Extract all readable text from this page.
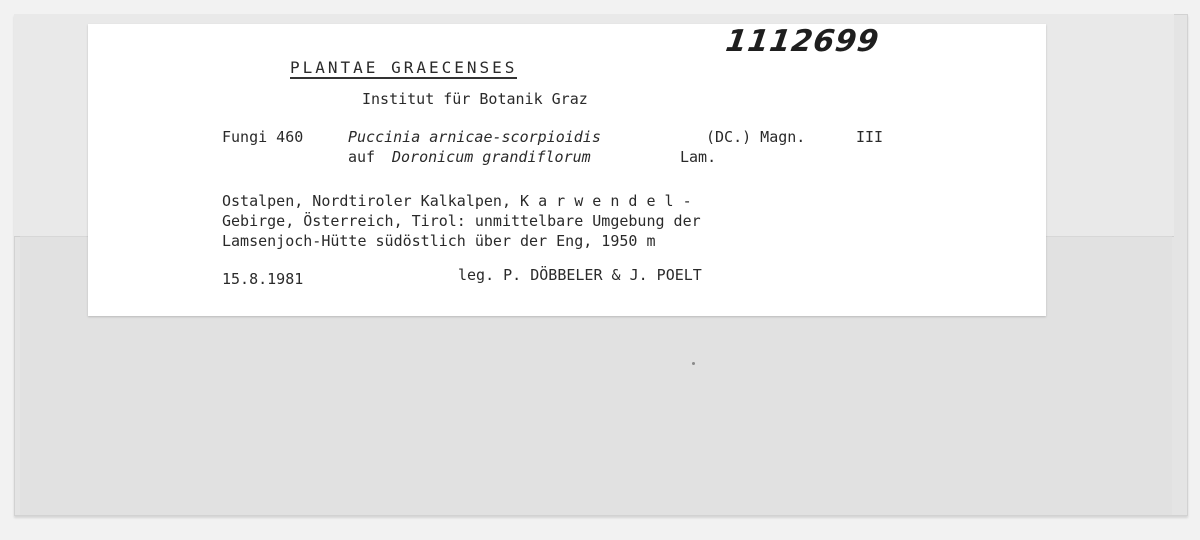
1112699
PLANTAE GRAECENSES
Institut für Botanik Graz
Fungi 460	Puccinia arnicae-scorpioidis	(DC.) Magn.	III
auf Doronicum grandiflorum	Lam.
Ostalpen, Nordtiroler Kalkalpen, K a r w e n d e l -
Gebirge, Österreich, Tirol: unmittelbare Umgebung der
Lamsenjoch-Hütte südöstlich über der Eng, 1950 m
15.8.1981	leg. P. DÖBBELER & J. POELT
